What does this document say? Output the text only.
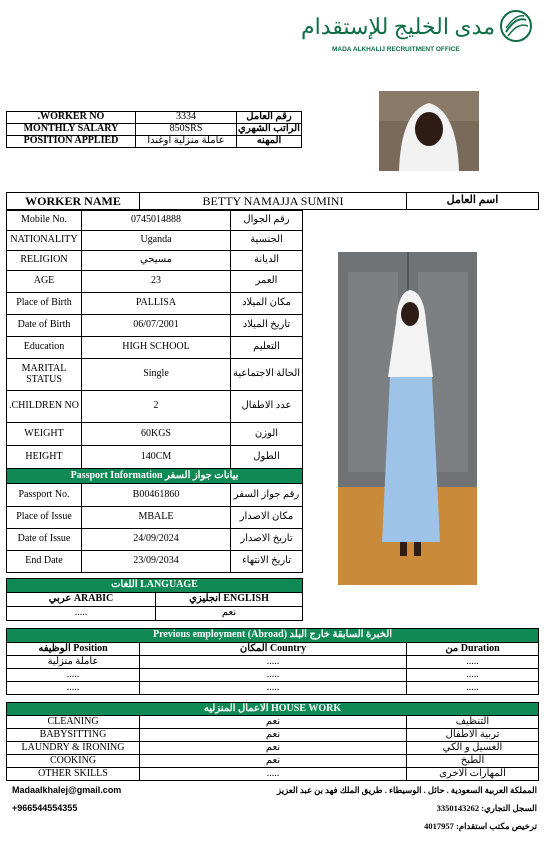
مدى الخليج للإستقدام
MADA ALKHALIJ RECRUITMENT OFFICE
.WORKER NO	3334	رقم العامل
MONTHLY SALARY	850SRS	الراتب الشهري
POSITION APPLIED	عاملة منزلية اوغندا	المهنه
WORKER NAME	BETTY NAMAJJA SUMINI	اسم العامل
Mobile No.	0745014888	رقم الجوال
NATIONALITY	Uganda	الجنسية
RELIGION	مسيحي	الديانة
AGE	23	العمر
Place of Birth	PALLISA	مكان الميلاد
Date of Birth	06/07/2001	تاريخ الميلاد
Education	HIGH SCHOOL	التعليم
MARITAL STATUS	Single	الحالة الاجتماعية
.CHILDREN NO	2	عدد الاطفال
WEIGHT	60KGS	الوزن
HEIGHT	140CM	الطول
بيانات جواز السفر Passport Information		
Passport No.	B00461860	رقم جواز السفر
Place of Issue	MBALE	مكان الاصدار
Date of Issue	24/09/2024	تاريخ الاصدار
End Date	23/09/2034	تاريخ الانتهاء
LANGUAGE اللغات	
ARABIC عربي	ENGLISH انجليزي
.....	نعم
الخبرة السابقة خارج البلد (Previous employment (Abroad		
Position الوظيفه	Country المكان	Duration من
عاملة منزلية	.....	.....
.....	.....	.....
.....	.....	.....
HOUSE WORK الاعمال المنزليه		
CLEANING	نعم	التنظيف
BABYSITTING	نعم	تربية الاطفال
LAUNDRY & IRONING	نعم	الغسيل و الكي
COOKING	نعم	الطبخ
OTHER SKILLS	.....	المهارات الاخرى
Madaalkhalej@gmail.com
+966544554355
المملكة العربية السعودية . حائل . الوسيطاء . طريق الملك فهد بن عبد العزيز
السجل التجاري: 3350143262
ترخيص مكتب استقدام: 4017957
